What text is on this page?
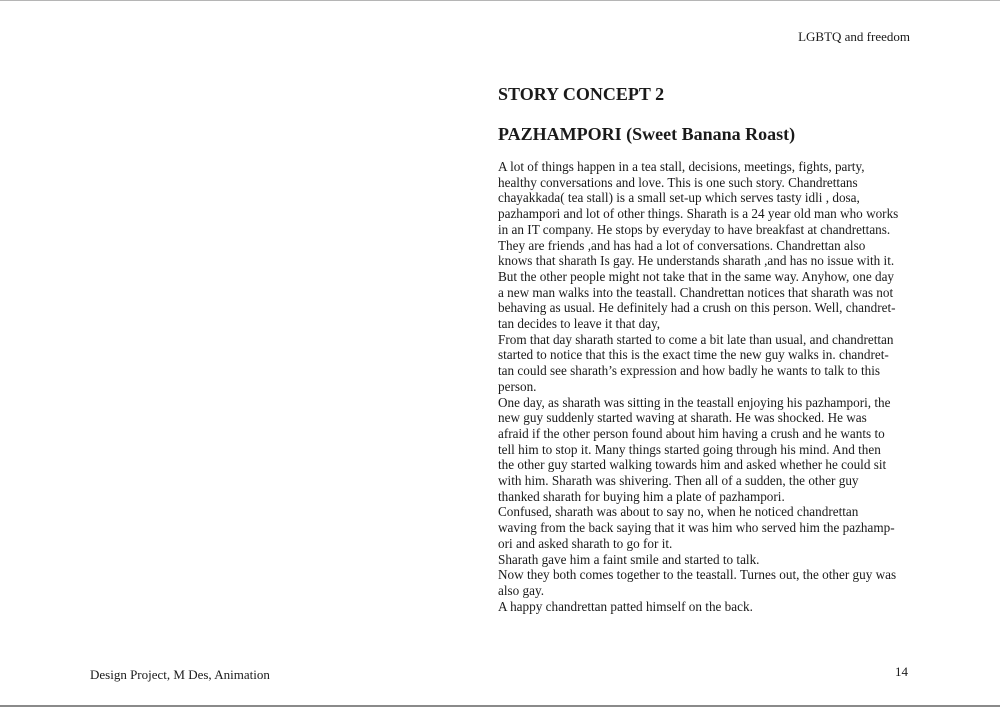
LGBTQ and freedom
STORY CONCEPT 2
PAZHAMPORI (Sweet Banana Roast)

A lot of things happen in a tea stall, decisions, meetings, fights, party,

healthy conversations and love. This is one such story. Chandrettans

chayakkada( tea stall) is a small set-up which serves tasty idli , dosa,

pazhampori and lot of other things. Sharath is a 24 year old man who works

in an IT company. He stops by everyday to have breakfast at chandrettans.

They are friends ,and has had a lot of conversations. Chandrettan also

knows that sharath Is gay. He understands sharath ,and has no issue with it.

But the other people might not take that in the same way. Anyhow, one day

a new man walks into the teastall. Chandrettan notices that sharath was not

behaving as usual. He definitely had a crush on this person. Well, chandret-

tan decides to leave it that day,

From that day sharath started to come a bit late than usual, and chandrettan

started to notice that this is the exact time the new guy walks in. chandret-

tan could see sharath’s expression and how badly he wants to talk to this

person.

One day, as sharath was sitting in the teastall enjoying his pazhampori, the

new guy suddenly started waving at sharath. He was shocked. He was

afraid if the other person found about him having a crush and he wants to

tell him to stop it. Many things started going through his mind. And then

the other guy started walking towards him and asked whether he could sit

with him. Sharath was shivering. Then all of a sudden, the other guy

thanked sharath for buying him a plate of pazhampori.

Confused, sharath was about to say no, when he noticed chandrettan

waving from the back saying that it was him who served him the pazhamp-

ori and asked sharath to go for it.

Sharath gave him a faint smile and started to talk.

Now they both comes together to the teastall. Turnes out, the other guy was

also gay.

A happy chandrettan patted himself on the back.

Design Project, M Des, Animation	14
